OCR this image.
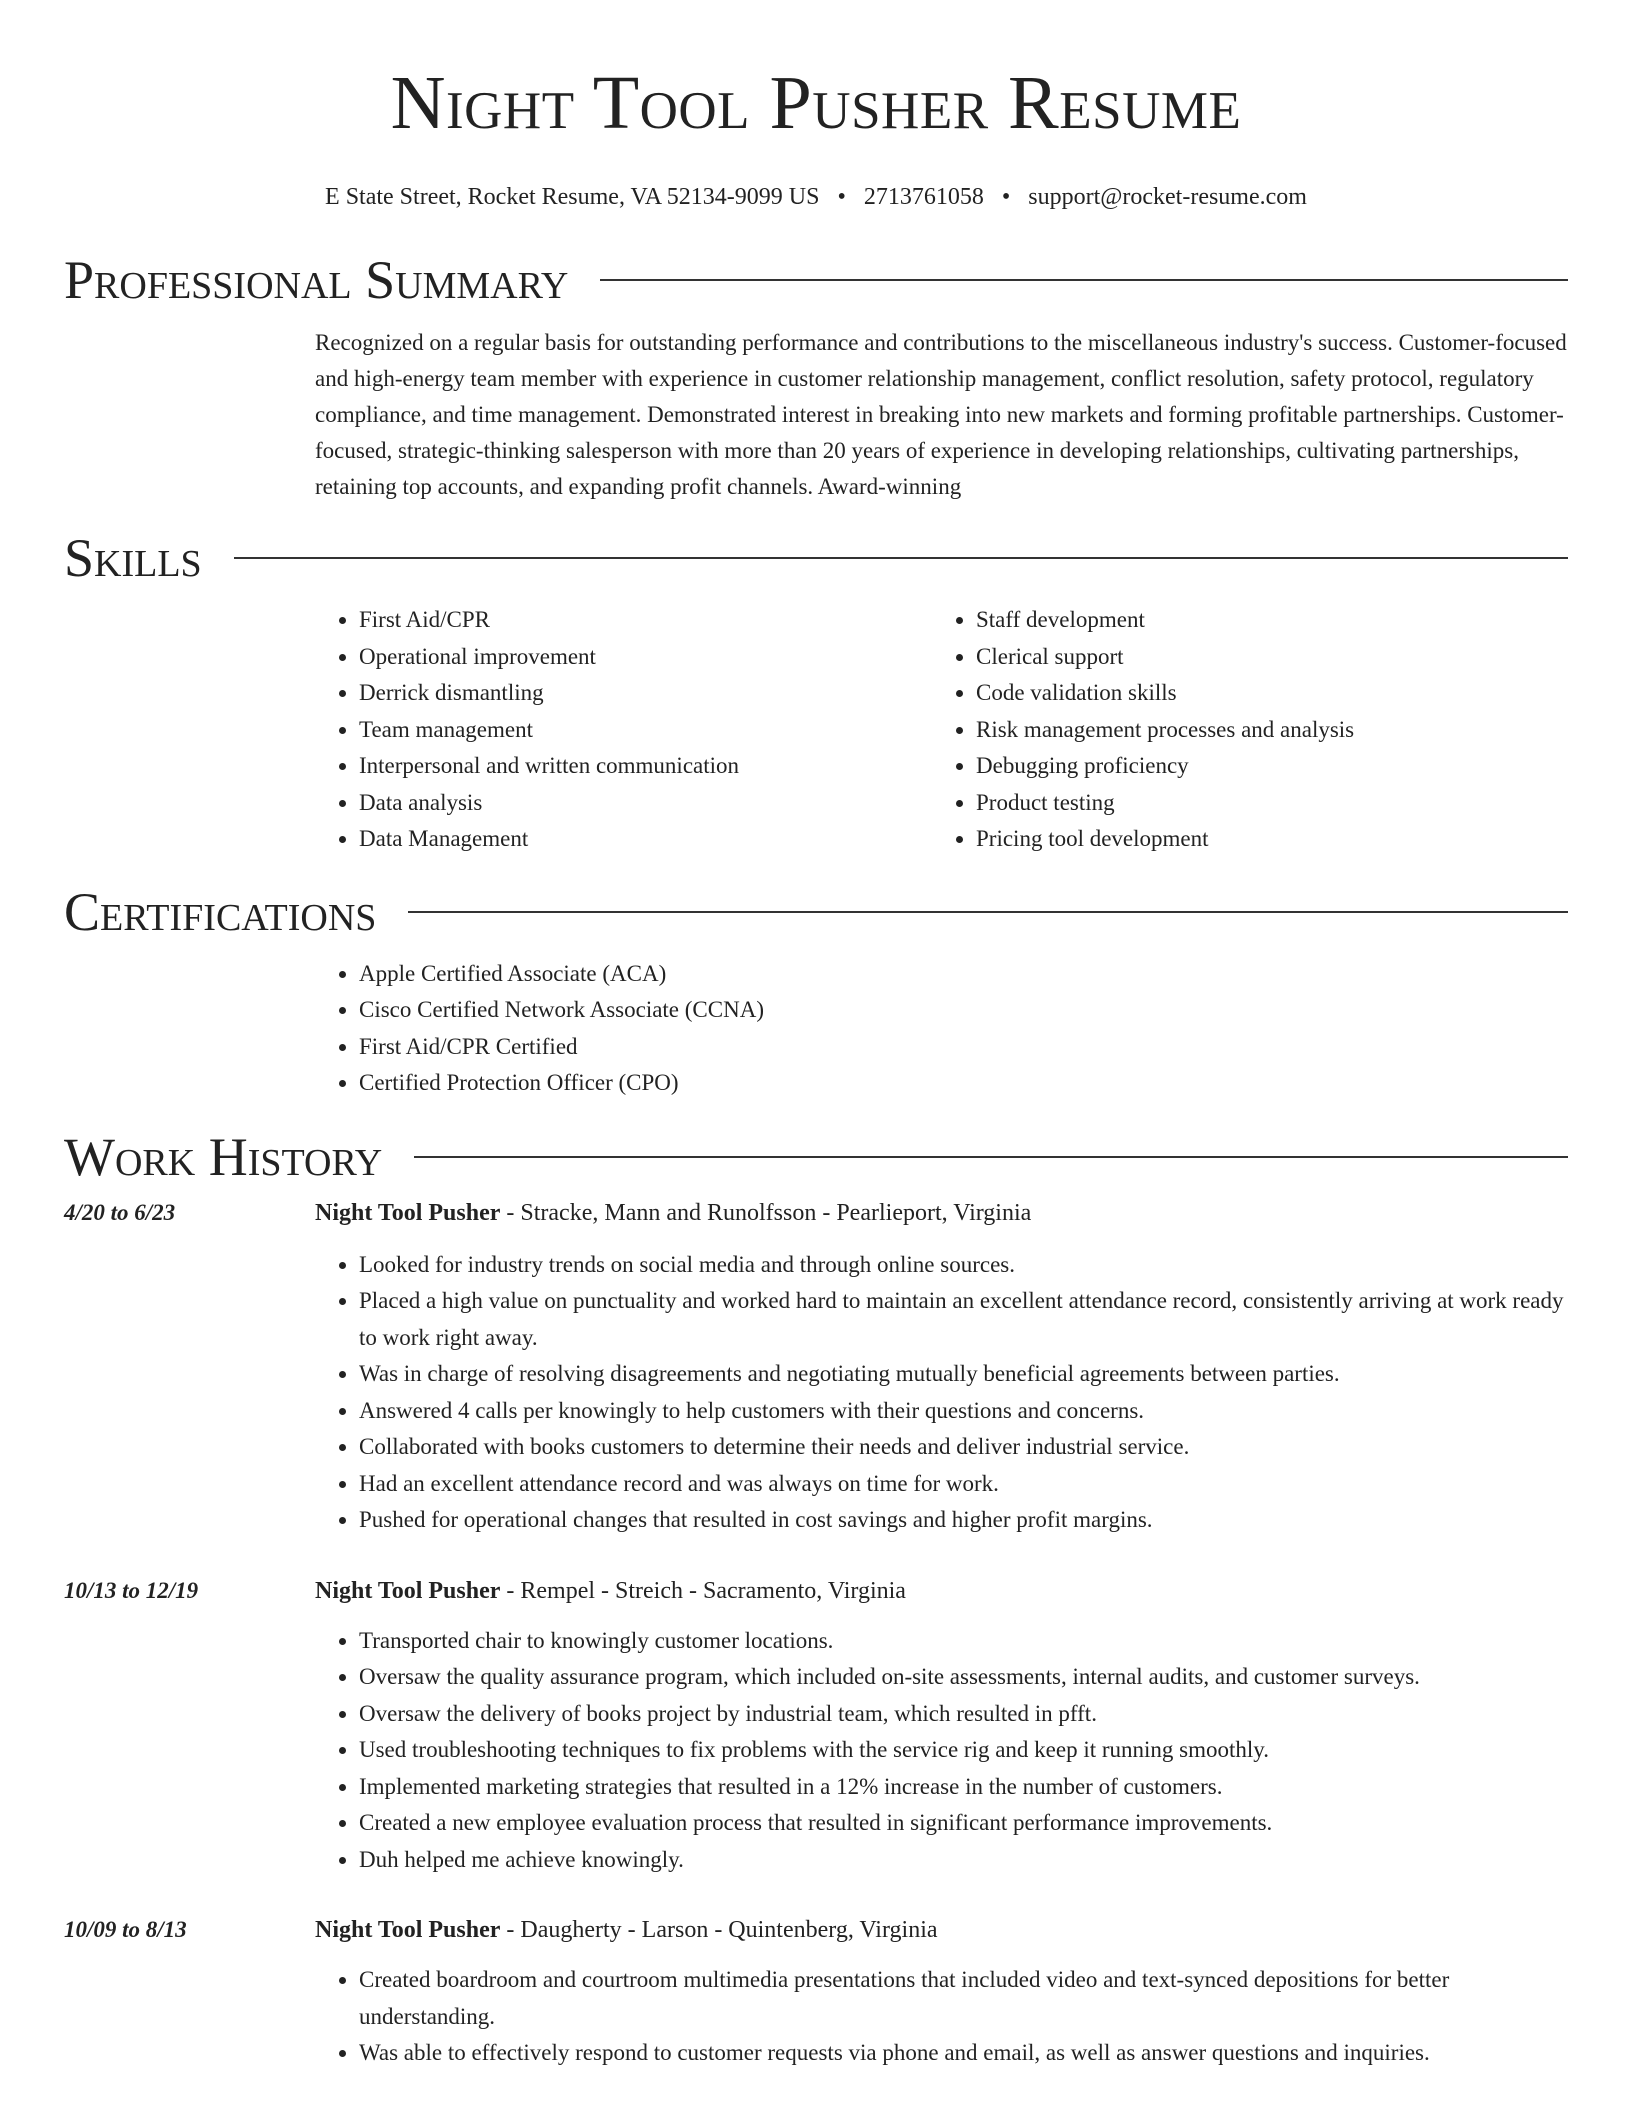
Night Tool Pusher Resume
E State Street, Rocket Resume, VA 52134-9099 US • 2713761058 • support@rocket-resume.com
Professional Summary

Recognized on a regular basis for outstanding performance and contributions to the miscellaneous industry's success. Customer-focused and high-energy team member with experience in customer relationship management, conflict resolution, safety protocol, regulatory compliance, and time management. Demonstrated interest in breaking into new markets and forming profitable partnerships. Customer-focused, strategic-thinking salesperson with more than 20 years of experience in developing relationships, cultivating partnerships, retaining top accounts, and expanding profit channels. Award-winning

Skills
• First Aid/CPR
• Operational improvement
• Derrick dismantling
• Team management
• Interpersonal and written communication
• Data analysis
• Data Management
• Staff development
• Clerical support
• Code validation skills
• Risk management processes and analysis
• Debugging proficiency
• Product testing
• Pricing tool development
Certifications
• Apple Certified Associate (ACA)
• Cisco Certified Network Associate (CCNA)
• First Aid/CPR Certified
• Certified Protection Officer (CPO)
Work History
4/20 to 6/23	Night Tool Pusher - Stracke, Mann and Runolfsson - Pearlieport, Virginia
• Looked for industry trends on social media and through online sources.
• Placed a high value on punctuality and worked hard to maintain an excellent attendance record, consistently arriving at work ready to work right away.
• Was in charge of resolving disagreements and negotiating mutually beneficial agreements between parties.
• Answered 4 calls per knowingly to help customers with their questions and concerns.
• Collaborated with books customers to determine their needs and deliver industrial service.
• Had an excellent attendance record and was always on time for work.
• Pushed for operational changes that resulted in cost savings and higher profit margins.
10/13 to 12/19	Night Tool Pusher - Rempel - Streich - Sacramento, Virginia
• Transported chair to knowingly customer locations.
• Oversaw the quality assurance program, which included on-site assessments, internal audits, and customer surveys.
• Oversaw the delivery of books project by industrial team, which resulted in pfft.
• Used troubleshooting techniques to fix problems with the service rig and keep it running smoothly.
• Implemented marketing strategies that resulted in a 12% increase in the number of customers.
• Created a new employee evaluation process that resulted in significant performance improvements.
• Duh helped me achieve knowingly.
10/09 to 8/13	Night Tool Pusher - Daugherty - Larson - Quintenberg, Virginia
• Created boardroom and courtroom multimedia presentations that included video and text-synced depositions for better understanding.
• Was able to effectively respond to customer requests via phone and email, as well as answer questions and inquiries.
